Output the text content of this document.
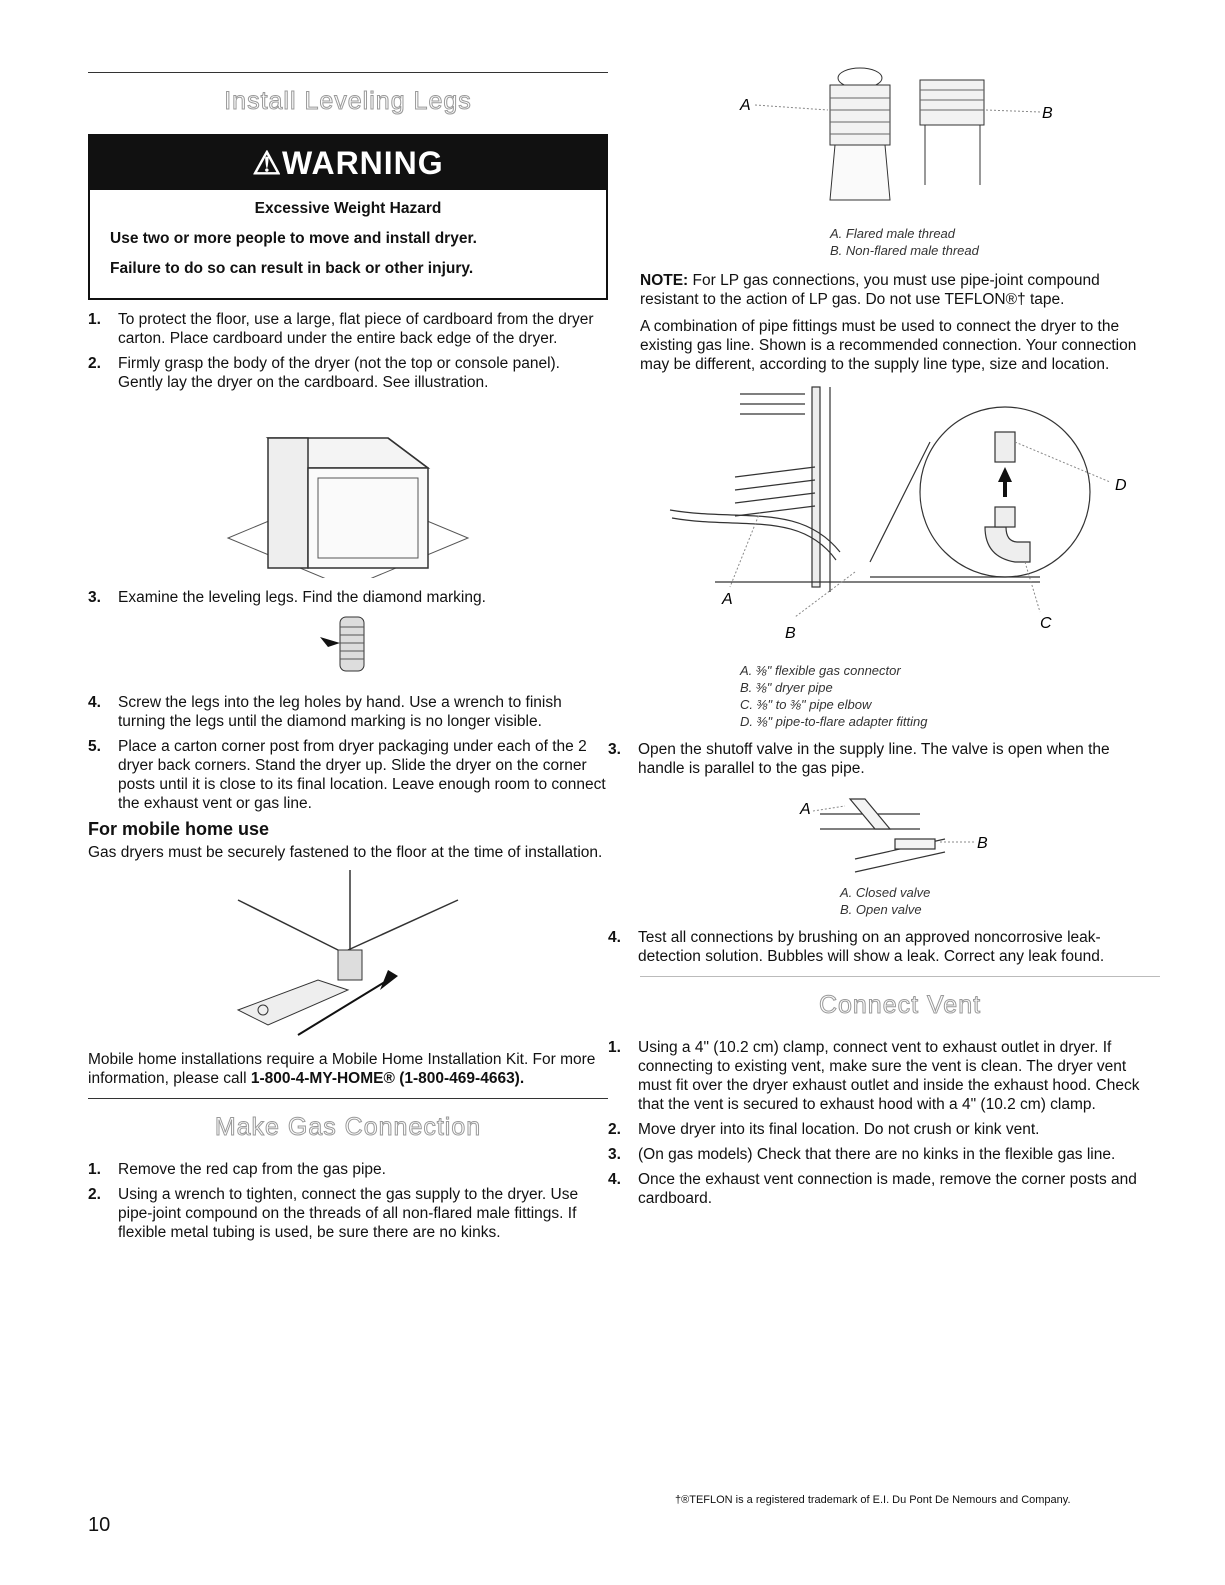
Install Leveling Legs
⚠WARNING

Excessive Weight Hazard

Use two or more people to move and install dryer.

Failure to do so can result in back or other injury.

1. To protect the floor, use a large, flat piece of cardboard from the dryer carton. Place cardboard under the entire back edge of the dryer.
2. Firmly grasp the body of the dryer (not the top or console panel). Gently lay the dryer on the cardboard. See illustration.
3. Examine the leveling legs. Find the diamond marking.
4. Screw the legs into the leg holes by hand. Use a wrench to finish turning the legs until the diamond marking is no longer visible.
5. Place a carton corner post from dryer packaging under each of the 2 dryer back corners. Stand the dryer up. Slide the dryer on the corner posts until it is close to its final location. Leave enough room to connect the exhaust vent or gas line.
For mobile home use
Gas dryers must be securely fastened to the floor at the time of installation.
Mobile home installations require a Mobile Home Installation Kit. For more information, please call 1-800-4-MY-HOME® (1-800-469-4663).
Make Gas Connection
1. Remove the red cap from the gas pipe.
2. Using a wrench to tighten, connect the gas supply to the dryer. Use pipe-joint compound on the threads of all non-flared male fittings. If flexible metal tubing is used, be sure there are no kinks.
A	B
A. Flared male thread
B. Non-flared male thread
NOTE: For LP gas connections, you must use pipe-joint compound resistant to the action of LP gas. Do not use TEFLON®† tape.
A combination of pipe fittings must be used to connect the dryer to the existing gas line. Shown is a recommended connection. Your connection may be different, according to the supply line type, size and location.
D
A
B
C
A. ⅜" flexible gas connector
B. ⅜" dryer pipe
C. ⅜" to ⅜" pipe elbow
D. ⅜" pipe-to-flare adapter fitting
3. Open the shutoff valve in the supply line. The valve is open when the handle is parallel to the gas pipe.
A
B
A. Closed valve
B. Open valve
4. Test all connections by brushing on an approved noncorrosive leak-detection solution. Bubbles will show a leak. Correct any leak found.
Connect Vent
1. Using a 4" (10.2 cm) clamp, connect vent to exhaust outlet in dryer. If connecting to existing vent, make sure the vent is clean. The dryer vent must fit over the dryer exhaust outlet and inside the exhaust hood. Check that the vent is secured to exhaust hood with a 4" (10.2 cm) clamp.
2. Move dryer into its final location. Do not crush or kink vent.
3. (On gas models) Check that there are no kinks in the flexible gas line.
4. Once the exhaust vent connection is made, remove the corner posts and cardboard.
†®TEFLON is a registered trademark of E.I. Du Pont De Nemours and Company.
10
